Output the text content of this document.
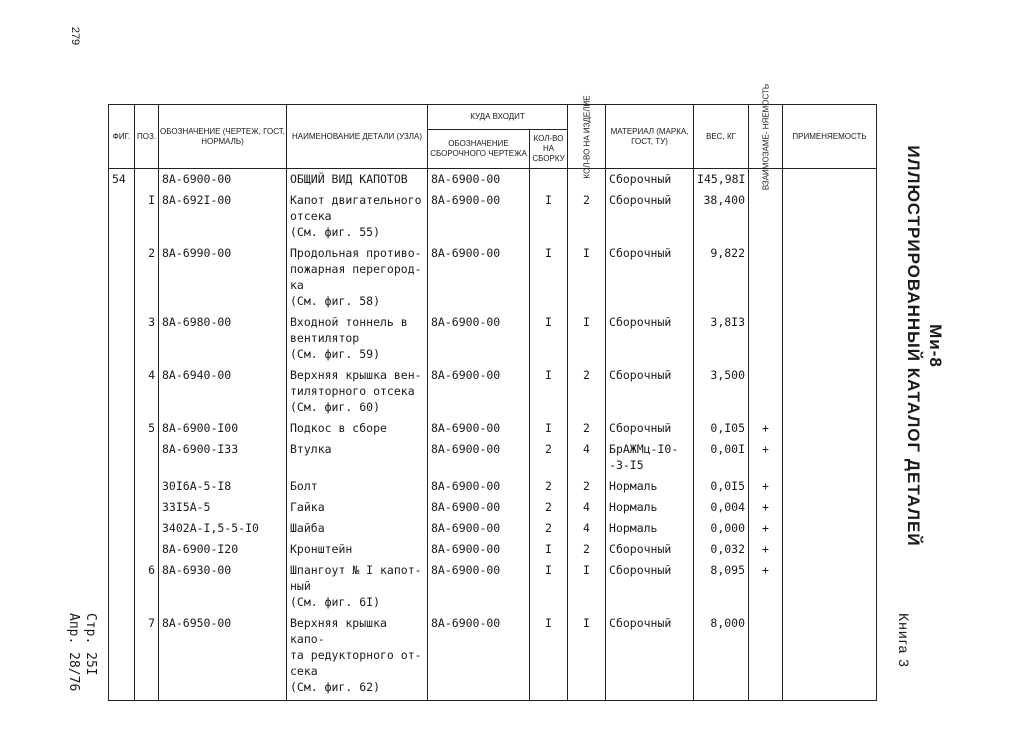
279
Ми-8
ИЛЛЮСТРИРОВАННЫЙ КАТАЛОГ ДЕТАЛЕЙ
Книга 3
Стр. 25I
Апр. 28/76
ФИГ.	ПОЗ.	ОБОЗНАЧЕНИЕ (ЧЕРТЕЖ, ГОСТ, НОРМАЛЬ)	НАИМЕНОВАНИЕ ДЕТАЛИ (УЗЛА)	КУДА ВХОДИТ		КОЛ-ВО НА ИЗДЕЛИЕ	МАТЕРИАЛ (МАРКА, ГОСТ, ТУ)	ВЕС, КГ	ВЗАИМОЗАМЕ- НЯЕМОСТЬ	ПРИМЕНЯЕМОСТЬ
				ОБОЗНАЧЕНИЕ СБОРОЧНОГО ЧЕРТЕЖА	КОЛ-ВО НА СБОРКУ					
54		8А-6900-00	ОБЩИЙ ВИД КАПОТОВ	8А-6900-00			Сборочный	I45,98I		
	I	8А-692I-00	Капот двигательного
отсека
(См. фиг. 55)	8А-6900-00	I	2	Сборочный	38,400		
	2	8А-6990-00	Продольная противо-
пожарная перегород-
ка
(См. фиг. 58)	8А-6900-00	I	I	Сборочный	9,822		
	3	8А-6980-00	Входной тоннель в
вентилятор
(См. фиг. 59)	8А-6900-00	I	I	Сборочный	3,8I3		
	4	8А-6940-00	Верхняя крышка вен-
тиляторного отсека
(См. фиг. 60)	8А-6900-00	I	2	Сборочный	3,500		
	5	8А-6900-I00	Подкос в сборе	8А-6900-00	I	2	Сборочный	0,I05	+	
		8А-6900-I33	Втулка	8А-6900-00	2	4	БрАЖМц-I0-
-3-I5	0,00I	+	
		30I6А-5-I8	Болт	8А-6900-00	2	2	Нормаль	0,0I5	+	
		33I5А-5	Гайка	8А-6900-00	2	4	Нормаль	0,004	+	
		3402А-I,5-5-I0	Шайба	8А-6900-00	2	4	Нормаль	0,000	+	
		8А-6900-I20	Кронштейн	8А-6900-00	I	2	Сборочный	0,032	+	
	6	8А-6930-00	Шпангоут № I капот-
ный
(См. фиг. 6I)	8А-6900-00	I	I	Сборочный	8,095	+	
	7	8А-6950-00	Верхняя крышка капо-
та редукторного от-
сека
(См. фиг. 62)	8А-6900-00	I	I	Сборочный	8,000		
